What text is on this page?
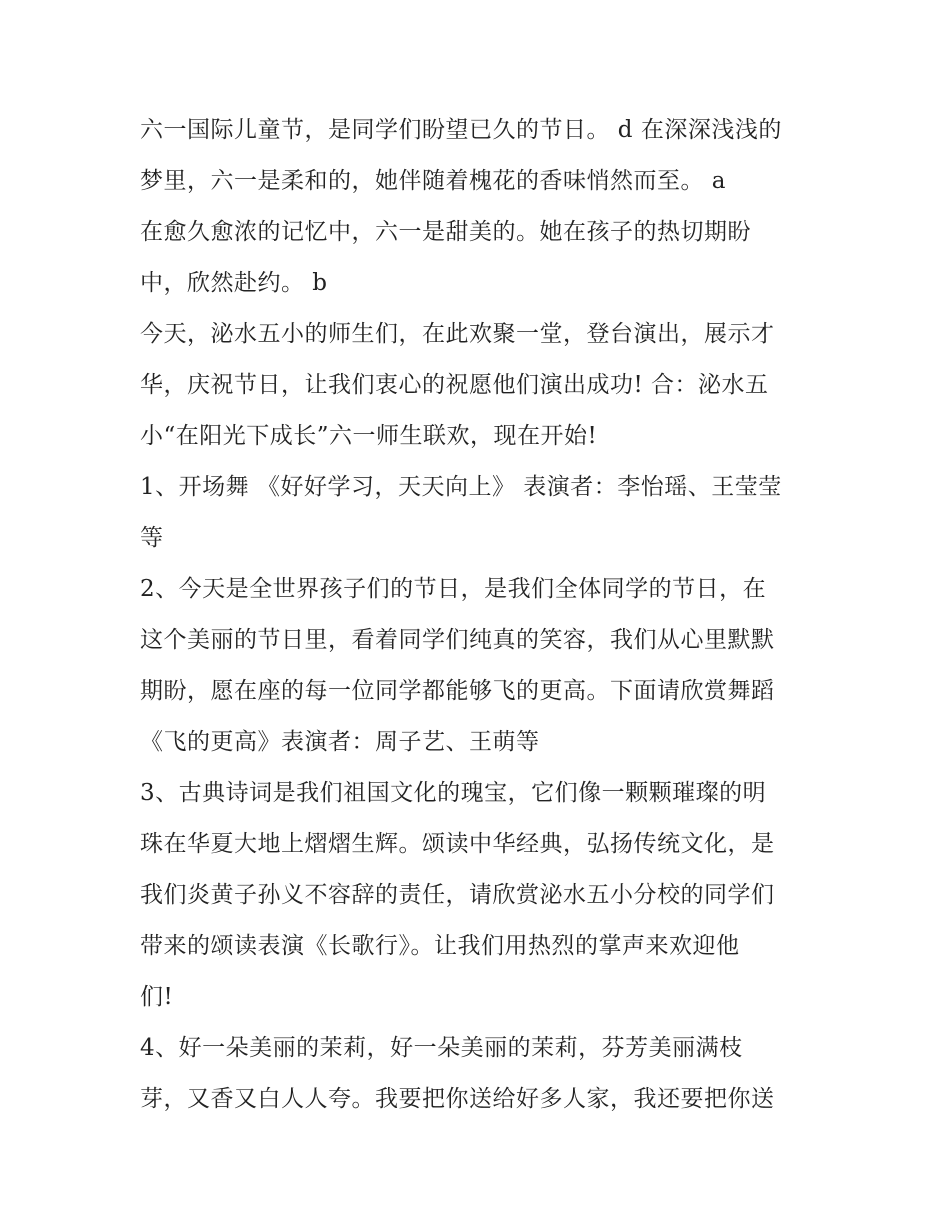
六一国际儿童节，是同学们盼望已久的节日。 d 在深深浅浅的
梦里，六一是柔和的，她伴随着槐花的香味悄然而至。 a
在愈久愈浓的记忆中，六一是甜美的。她在孩子的热切期盼
中，欣然赴约。 b
今天，泌水五小的师生们，在此欢聚一堂，登台演出，展示才
华，庆祝节日，让我们衷心的祝愿他们演出成功! 合：泌水五
小“在阳光下成长”六一师生联欢，现在开始!
1、开场舞 《好好学习，天天向上》 表演者：李怡瑶、王莹莹
等
2、今天是全世界孩子们的节日，是我们全体同学的节日，在
这个美丽的节日里，看着同学们纯真的笑容，我们从心里默默
期盼，愿在座的每一位同学都能够飞的更高。下面请欣赏舞蹈
《飞的更高》表演者：周子艺、王萌等
3、古典诗词是我们祖国文化的瑰宝，它们像一颗颗璀璨的明
珠在华夏大地上熠熠生辉。颂读中华经典，弘扬传统文化，是
我们炎黄子孙义不容辞的责任，请欣赏泌水五小分校的同学们
带来的颂读表演《长歌行》。让我们用热烈的掌声来欢迎他
们!
4、好一朵美丽的茉莉，好一朵美丽的茉莉，芬芳美丽满枝
芽，又香又白人人夸。我要把你送给好多人家，我还要把你送
